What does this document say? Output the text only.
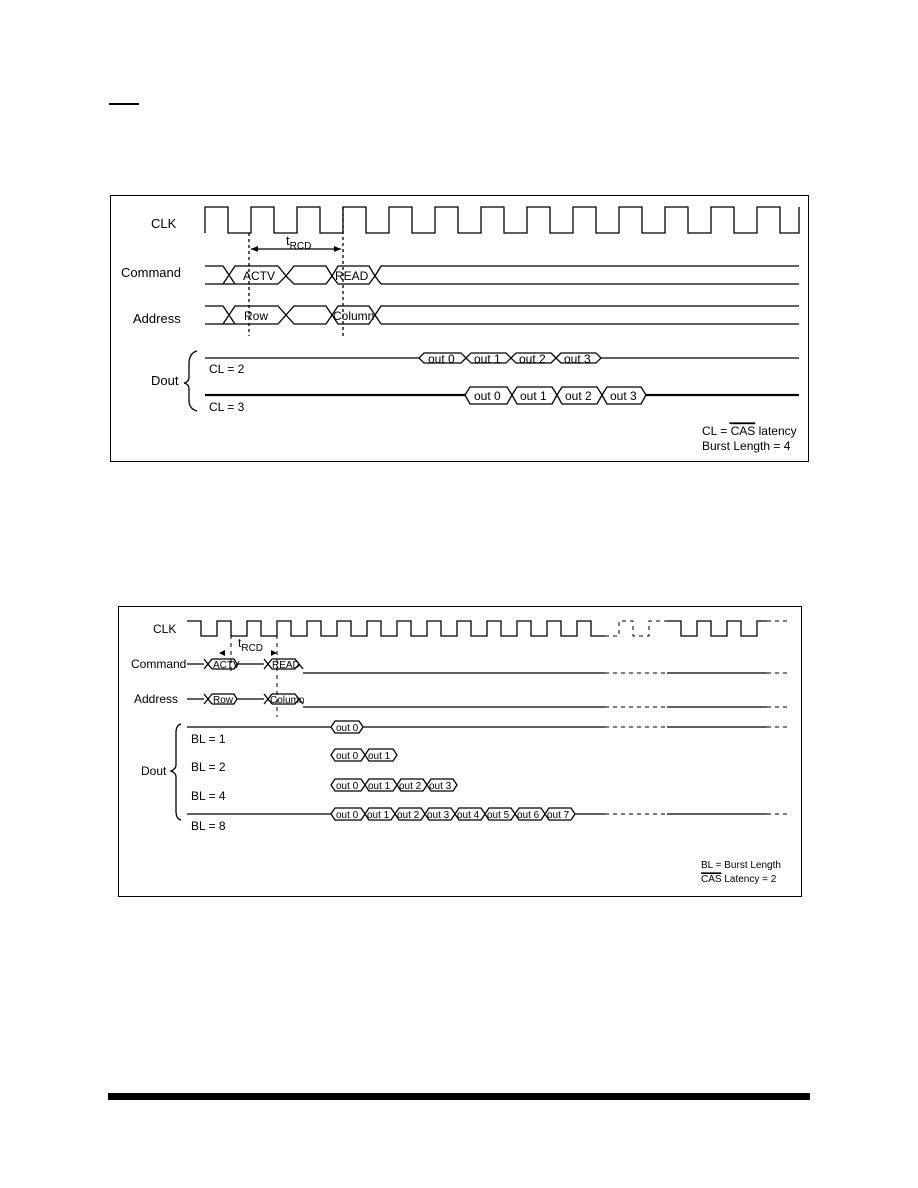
CLK
Command
Address
Dout
ACTV	READ
Row	Column
$t_{RCD}$
out 0 out 1 out 2 out 3
CL = 2
out 0 out 1 out 2 out 3
CL = 3
CL = CAS latency
Burst Length = 4
CLK
Command
Address
Dout
ACTV	READ
Row	Column
$t_{RCD}$
out 0
BL = 1
out 0 out 1
BL = 2
out 0 out 1 out 2 out 3
BL = 4
out 0 out 1 out 2 out 3 out 4 out 5 out 6 out 7
BL = 8
BL = Burst Length
CAS Latency = 2
